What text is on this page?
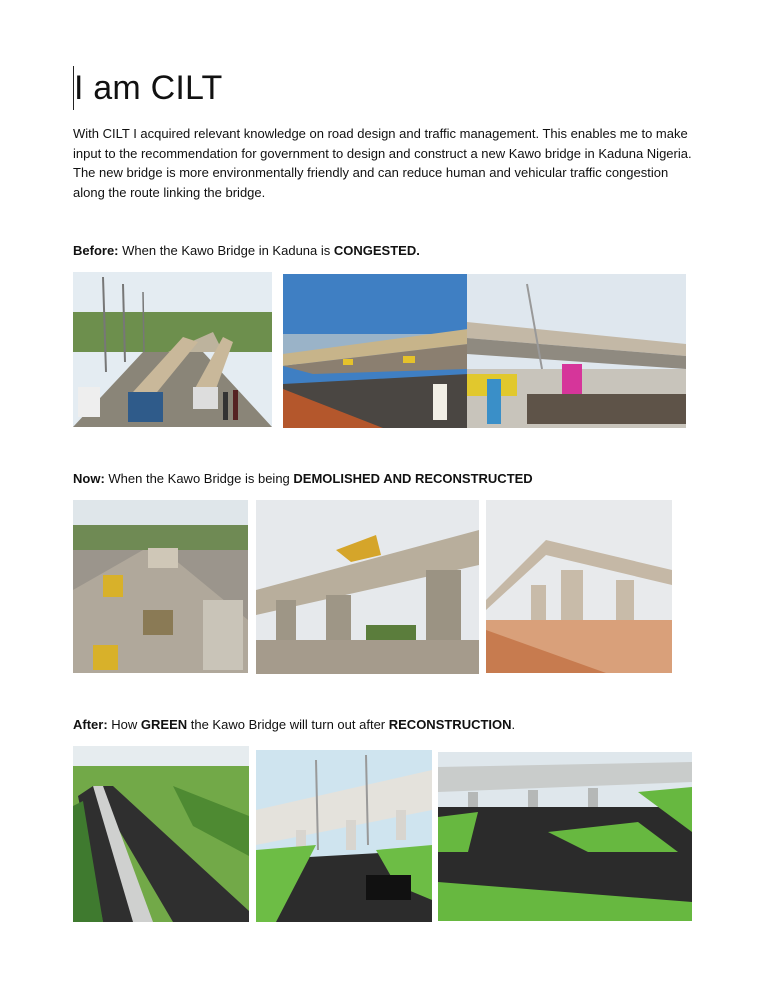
I am CILT

With CILT I acquired relevant knowledge on road design and traffic management. This enables me to make input to the recommendation for government to design and construct a new Kawo bridge in Kaduna Nigeria. The new bridge is more environmentally friendly and can reduce human and vehicular traffic congestion along the route linking the bridge.

Before: When the Kawo Bridge in Kaduna is CONGESTED.

Now: When the Kawo Bridge is being DEMOLISHED AND RECONSTRUCTED

After: How GREEN the Kawo Bridge will turn out after RECONSTRUCTION.
